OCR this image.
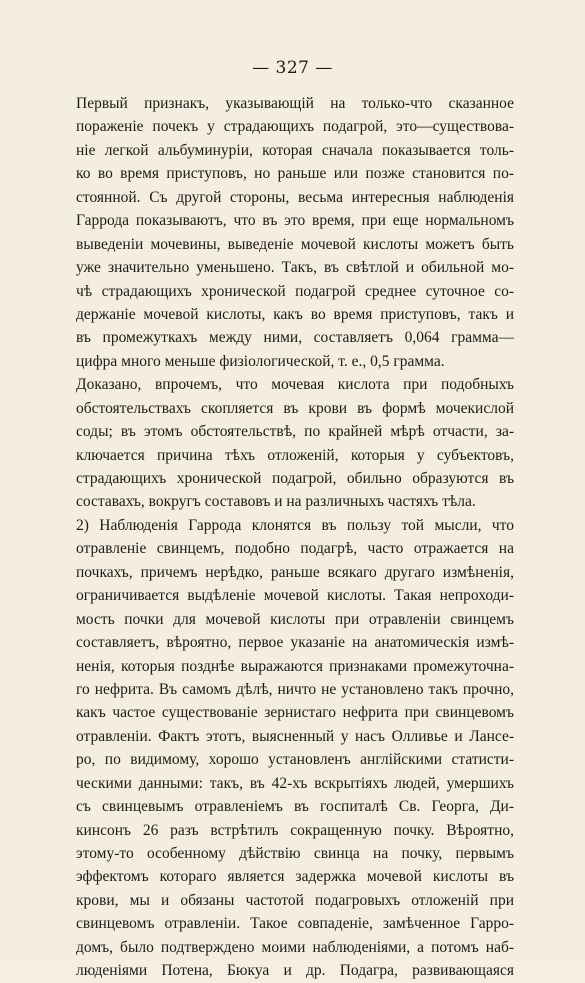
— 327 —
Первый признакъ, указывающій на только-что сказанное
пораженіе почекъ у страдающихъ подагрой, это—существова-
ніе легкой альбуминуріи, которая сначала показывается толь-
ко во время приступовъ, но раньше или позже становится по-
стоянной. Съ другой стороны, весьма интересныя наблюденія
Гаррода показываютъ, что въ это время, при еще нормальномъ
выведеніи мочевины, выведеніе мочевой кислоты можетъ быть
уже значительно уменьшено. Такъ, въ свѣтлой и обильной мо-
чѣ страдающихъ хронической подагрой среднее суточное со-
держаніе мочевой кислоты, какъ во время приступовъ, такъ и
въ промежуткахъ между ними, составляетъ 0,064 грамма—
цифра много меньше физіологической, т. е., 0,5 грамма.
Доказано, впрочемъ, что мочевая кислота при подобныхъ
обстоятельствахъ скопляется въ крови въ формѣ мочекислой
соды; въ этомъ обстоятельствѣ, по крайней мѣрѣ отчасти, за-
ключается причина тѣхъ отложеній, которыя у субъектовъ,
страдающихъ хронической подагрой, обильно образуются въ
составахъ, вокругъ составовъ и на различныхъ частяхъ тѣла.
2) Наблюденія Гаррода клонятся въ пользу той мысли, что
отравленіе свинцемъ, подобно подагрѣ, часто отражается на
почкахъ, причемъ нерѣдко, раньше всякаго другаго измѣненія,
ограничивается выдѣленіе мочевой кислоты. Такая непроходи-
мость почки для мочевой кислоты при отравленіи свинцемъ
составляетъ, вѣроятно, первое указаніе на анатомическія измѣ-
ненія, которыя позднѣе выражаются признаками промежуточна-
го нефрита. Въ самомъ дѣлѣ, ничто не установлено такъ прочно,
какъ частое существованіе зернистаго нефрита при свинцевомъ
отравленіи. Фактъ этотъ, выясненный у насъ Олливье и Лансе-
ро, по видимому, хорошо установленъ англійскими статисти-
ческими данными: такъ, въ 42-хъ вскрытіяхъ людей, умершихъ
съ свинцевымъ отравленіемъ въ госпиталѣ Св. Георга, Ди-
кинсонъ 26 разъ встрѣтилъ сокращенную почку. Вѣроятно,
этому-то особенному дѣйствію свинца на почку, первымъ
эффектомъ котораго является задержка мочевой кислоты въ
крови, мы и обязаны частотой подагровыхъ отложеній при
свинцевомъ отравленіи. Такое совпаденіе, замѣченное Гарро-
домъ, было подтверждено моими наблюденіями, а потомъ наб-
люденіями Потена, Бюкуа и др. Подагра, развивающаяся
